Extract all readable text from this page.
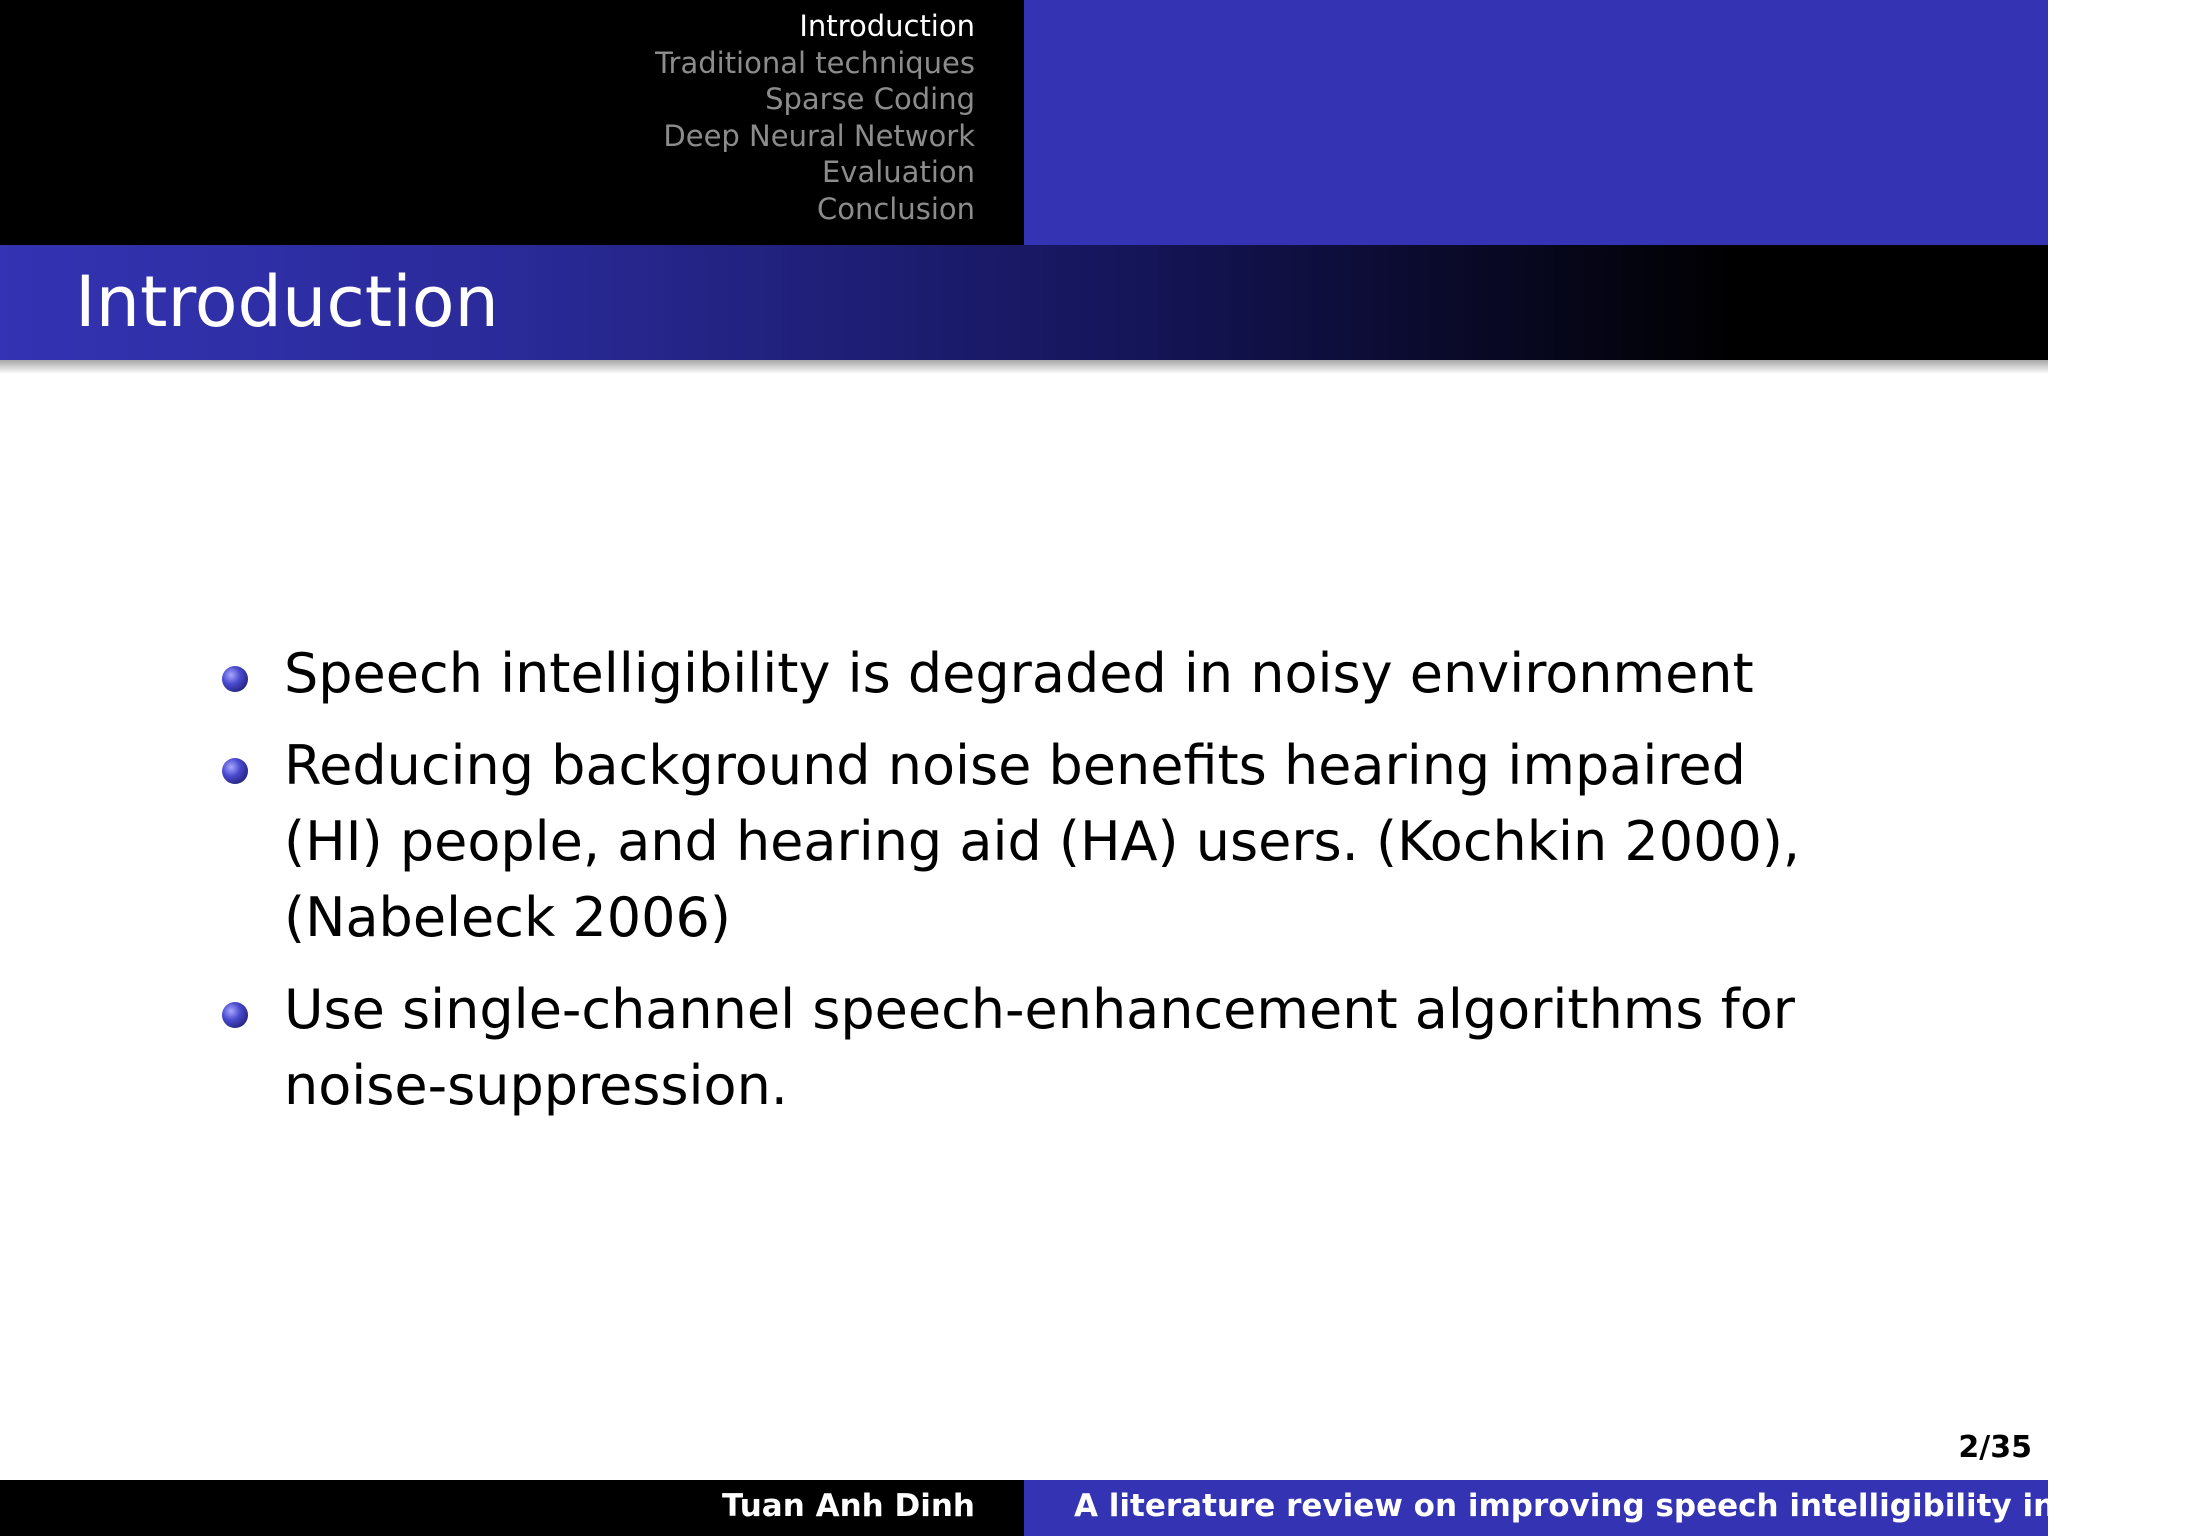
Introduction
Traditional techniques
Sparse Coding
Deep Neural Network
Evaluation
Conclusion
Introduction
Speech intelligibility is degraded in noisy environment
Reducing background noise benefits hearing impaired (HI) people, and hearing aid (HA) users. (Kochkin 2000), (Nabeleck 2006)
Use single-channel speech-enhancement algorithms for noise-suppression.
2/35
Tuan Anh Dinh	A literature review on improving speech intelligibility in noisy e
